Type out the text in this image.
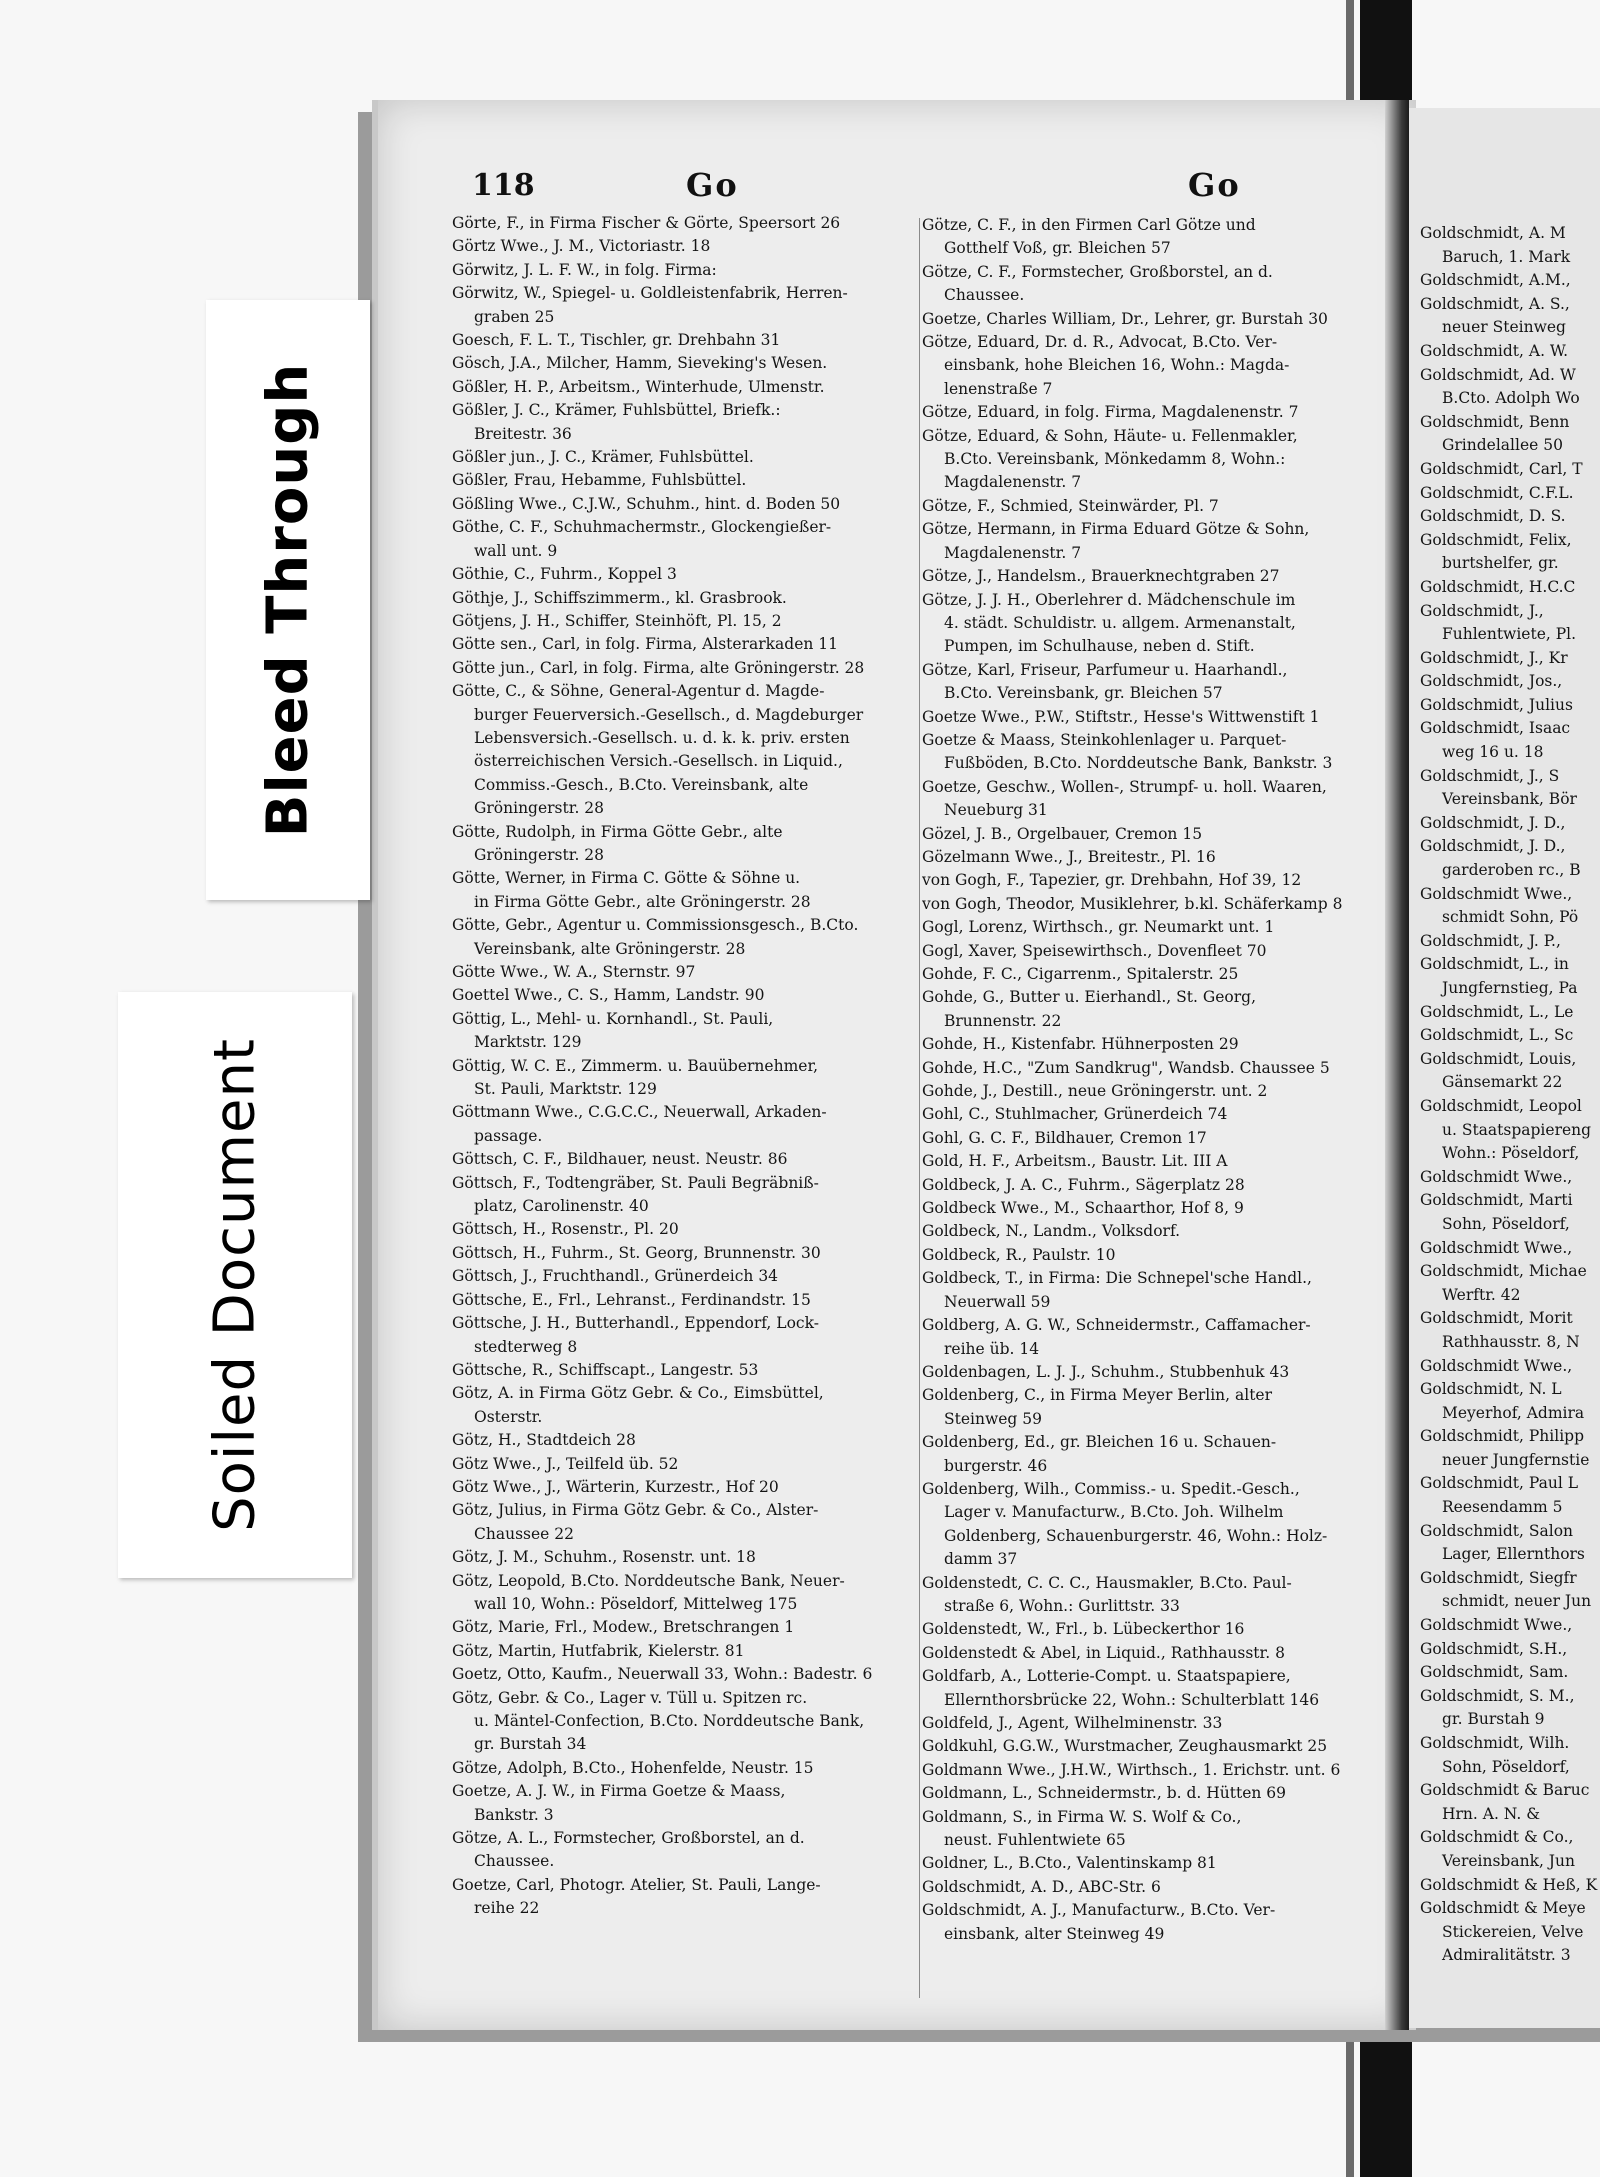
118	Go	Go

Görte, F., in Firma Fischer & Görte, Speersort 26

Görtz Wwe., J. M., Victoriastr. 18

Görwitz, J. L. F. W., in folg. Firma:

Görwitz, W., Spiegel- u. Goldleistenfabrik, Herren-

graben 25

Goesch, F. L. T., Tischler, gr. Drehbahn 31

Gösch, J.A., Milcher, Hamm, Sieveking's Wesen.

Gößler, H. P., Arbeitsm., Winterhude, Ulmenstr.

Gößler, J. C., Krämer, Fuhlsbüttel, Briefk.:

Breitestr. 36

Gößler jun., J. C., Krämer, Fuhlsbüttel.

Gößler, Frau, Hebamme, Fuhlsbüttel.

Gößling Wwe., C.J.W., Schuhm., hint. d. Boden 50

Göthe, C. F., Schuhmachermstr., Glockengießer-

wall unt. 9

Göthie, C., Fuhrm., Koppel 3

Göthje, J., Schiffszimmerm., kl. Grasbrook.

Götjens, J. H., Schiffer, Steinhöft, Pl. 15, 2

Götte sen., Carl, in folg. Firma, Alsterarkaden 11

Götte jun., Carl, in folg. Firma, alte Gröningerstr. 28

Götte, C., & Söhne, General-Agentur d. Magde-

burger Feuerversich.-Gesellsch., d. Magdeburger

Lebensversich.-Gesellsch. u. d. k. k. priv. ersten

österreichischen Versich.-Gesellsch. in Liquid.,

Commiss.-Gesch., B.Cto. Vereinsbank, alte

Gröningerstr. 28

Götte, Rudolph, in Firma Götte Gebr., alte

Gröningerstr. 28

Götte, Werner, in Firma C. Götte & Söhne u.

in Firma Götte Gebr., alte Gröningerstr. 28

Götte, Gebr., Agentur u. Commissionsgesch., B.Cto.

Vereinsbank, alte Gröningerstr. 28

Götte Wwe., W. A., Sternstr. 97

Goettel Wwe., C. S., Hamm, Landstr. 90

Göttig, L., Mehl- u. Kornhandl., St. Pauli,

Marktstr. 129

Göttig, W. C. E., Zimmerm. u. Bauübernehmer,

St. Pauli, Marktstr. 129

Göttmann Wwe., C.G.C.C., Neuerwall, Arkaden-

passage.

Göttsch, C. F., Bildhauer, neust. Neustr. 86

Göttsch, F., Todtengräber, St. Pauli Begräbniß-

platz, Carolinenstr. 40

Göttsch, H., Rosenstr., Pl. 20

Göttsch, H., Fuhrm., St. Georg, Brunnenstr. 30

Göttsch, J., Fruchthandl., Grünerdeich 34

Göttsche, E., Frl., Lehranst., Ferdinandstr. 15

Göttsche, J. H., Butterhandl., Eppendorf, Lock-

stedterweg 8

Göttsche, R., Schiffscapt., Langestr. 53

Götz, A. in Firma Götz Gebr. & Co., Eimsbüttel,

Osterstr.

Götz, H., Stadtdeich 28

Götz Wwe., J., Teilfeld üb. 52

Götz Wwe., J., Wärterin, Kurzestr., Hof 20

Götz, Julius, in Firma Götz Gebr. & Co., Alster-

Chaussee 22

Götz, J. M., Schuhm., Rosenstr. unt. 18

Götz, Leopold, B.Cto. Norddeutsche Bank, Neuer-

wall 10, Wohn.: Pöseldorf, Mittelweg 175

Götz, Marie, Frl., Modew., Bretschrangen 1

Götz, Martin, Hutfabrik, Kielerstr. 81

Goetz, Otto, Kaufm., Neuerwall 33, Wohn.: Badestr. 6

Götz, Gebr. & Co., Lager v. Tüll u. Spitzen rc.

u. Mäntel-Confection, B.Cto. Norddeutsche Bank,

gr. Burstah 34

Götze, Adolph, B.Cto., Hohenfelde, Neustr. 15

Goetze, A. J. W., in Firma Goetze & Maass,

Bankstr. 3

Götze, A. L., Formstecher, Großborstel, an d.

Chaussee.

Goetze, Carl, Photogr. Atelier, St. Pauli, Lange-

reihe 22

Götze, C. F., in den Firmen Carl Götze und

Gotthelf Voß, gr. Bleichen 57

Götze, C. F., Formstecher, Großborstel, an d.

Chaussee.

Goetze, Charles William, Dr., Lehrer, gr. Burstah 30

Götze, Eduard, Dr. d. R., Advocat, B.Cto. Ver-

einsbank, hohe Bleichen 16, Wohn.: Magda-

lenenstraße 7

Götze, Eduard, in folg. Firma, Magdalenenstr. 7

Götze, Eduard, & Sohn, Häute- u. Fellenmakler,

B.Cto. Vereinsbank, Mönkedamm 8, Wohn.:

Magdalenenstr. 7

Götze, F., Schmied, Steinwärder, Pl. 7

Götze, Hermann, in Firma Eduard Götze & Sohn,

Magdalenenstr. 7

Götze, J., Handelsm., Brauerknechtgraben 27

Götze, J. J. H., Oberlehrer d. Mädchenschule im

4. städt. Schuldistr. u. allgem. Armenanstalt,

Pumpen, im Schulhause, neben d. Stift.

Götze, Karl, Friseur, Parfumeur u. Haarhandl.,

B.Cto. Vereinsbank, gr. Bleichen 57

Goetze Wwe., P.W., Stiftstr., Hesse's Wittwenstift 1

Goetze & Maass, Steinkohlenlager u. Parquet-

Fußböden, B.Cto. Norddeutsche Bank, Bankstr. 3

Goetze, Geschw., Wollen-, Strumpf- u. holl. Waaren,

Neueburg 31

Gözel, J. B., Orgelbauer, Cremon 15

Gözelmann Wwe., J., Breitestr., Pl. 16

von Gogh, F., Tapezier, gr. Drehbahn, Hof 39, 12

von Gogh, Theodor, Musiklehrer, b.kl. Schäferkamp 8

Gogl, Lorenz, Wirthsch., gr. Neumarkt unt. 1

Gogl, Xaver, Speisewirthsch., Dovenfleet 70

Gohde, F. C., Cigarrenm., Spitalerstr. 25

Gohde, G., Butter u. Eierhandl., St. Georg,

Brunnenstr. 22

Gohde, H., Kistenfabr. Hühnerposten 29

Gohde, H.C., "Zum Sandkrug", Wandsb. Chaussee 5

Gohde, J., Destill., neue Gröningerstr. unt. 2

Gohl, C., Stuhlmacher, Grünerdeich 74

Gohl, G. C. F., Bildhauer, Cremon 17

Gold, H. F., Arbeitsm., Baustr. Lit. III A

Goldbeck, J. A. C., Fuhrm., Sägerplatz 28

Goldbeck Wwe., M., Schaarthor, Hof 8, 9

Goldbeck, N., Landm., Volksdorf.

Goldbeck, R., Paulstr. 10

Goldbeck, T., in Firma: Die Schnepel'sche Handl.,

Neuerwall 59

Goldberg, A. G. W., Schneidermstr., Caffamacher-

reihe üb. 14

Goldenbagen, L. J. J., Schuhm., Stubbenhuk 43

Goldenberg, C., in Firma Meyer Berlin, alter

Steinweg 59

Goldenberg, Ed., gr. Bleichen 16 u. Schauen-

burgerstr. 46

Goldenberg, Wilh., Commiss.- u. Spedit.-Gesch.,

Lager v. Manufacturw., B.Cto. Joh. Wilhelm

Goldenberg, Schauenburgerstr. 46, Wohn.: Holz-

damm 37

Goldenstedt, C. C. C., Hausmakler, B.Cto. Paul-

straße 6, Wohn.: Gurlittstr. 33

Goldenstedt, W., Frl., b. Lübeckerthor 16

Goldenstedt & Abel, in Liquid., Rathhausstr. 8

Goldfarb, A., Lotterie-Compt. u. Staatspapiere,

Ellernthorsbrücke 22, Wohn.: Schulterblatt 146

Goldfeld, J., Agent, Wilhelminenstr. 33

Goldkuhl, G.G.W., Wurstmacher, Zeughausmarkt 25

Goldmann Wwe., J.H.W., Wirthsch., 1. Erichstr. unt. 6

Goldmann, L., Schneidermstr., b. d. Hütten 69

Goldmann, S., in Firma W. S. Wolf & Co.,

neust. Fuhlentwiete 65

Goldner, L., B.Cto., Valentinskamp 81

Goldschmidt, A. D., ABC-Str. 6

Goldschmidt, A. J., Manufacturw., B.Cto. Ver-

einsbank, alter Steinweg 49

Goldschmidt, A. M

Baruch, 1. Mark

Goldschmidt, A.M.,

Goldschmidt, A. S.,

neuer Steinweg

Goldschmidt, A. W.

Goldschmidt, Ad. W

B.Cto. Adolph Wo

Goldschmidt, Benn

Grindelallee 50

Goldschmidt, Carl, T

Goldschmidt, C.F.L.

Goldschmidt, D. S.

Goldschmidt, Felix,

burtshelfer, gr.

Goldschmidt, H.C.C

Goldschmidt, J.,

Fuhlentwiete, Pl.

Goldschmidt, J., Kr

Goldschmidt, Jos.,

Goldschmidt, Julius

Goldschmidt, Isaac

weg 16 u. 18

Goldschmidt, J., S

Vereinsbank, Bör

Goldschmidt, J. D.,

Goldschmidt, J. D.,

garderoben rc., B

Goldschmidt Wwe.,

schmidt Sohn, Pö

Goldschmidt, J. P.,

Goldschmidt, L., in

Jungfernstieg, Pa

Goldschmidt, L., Le

Goldschmidt, L., Sc

Goldschmidt, Louis,

Gänsemarkt 22

Goldschmidt, Leopol

u. Staatspapiereng

Wohn.: Pöseldorf,

Goldschmidt Wwe.,

Goldschmidt, Marti

Sohn, Pöseldorf,

Goldschmidt Wwe.,

Goldschmidt, Michae

Werftr. 42

Goldschmidt, Morit

Rathhausstr. 8, N

Goldschmidt Wwe.,

Goldschmidt, N. L

Meyerhof, Admira

Goldschmidt, Philipp

neuer Jungfernstie

Goldschmidt, Paul L

Reesendamm 5

Goldschmidt, Salon

Lager, Ellernthors

Goldschmidt, Siegfr

schmidt, neuer Jun

Goldschmidt Wwe.,

Goldschmidt, S.H.,

Goldschmidt, Sam.

Goldschmidt, S. M.,

gr. Burstah 9

Goldschmidt, Wilh.

Sohn, Pöseldorf,

Goldschmidt & Baruc

Hrn. A. N. &

Goldschmidt & Co.,

Vereinsbank, Jun

Goldschmidt & Heß, K

Goldschmidt & Meye

Stickereien, Velve

Admiralitätstr. 3

Bleed Through
Soiled Document
